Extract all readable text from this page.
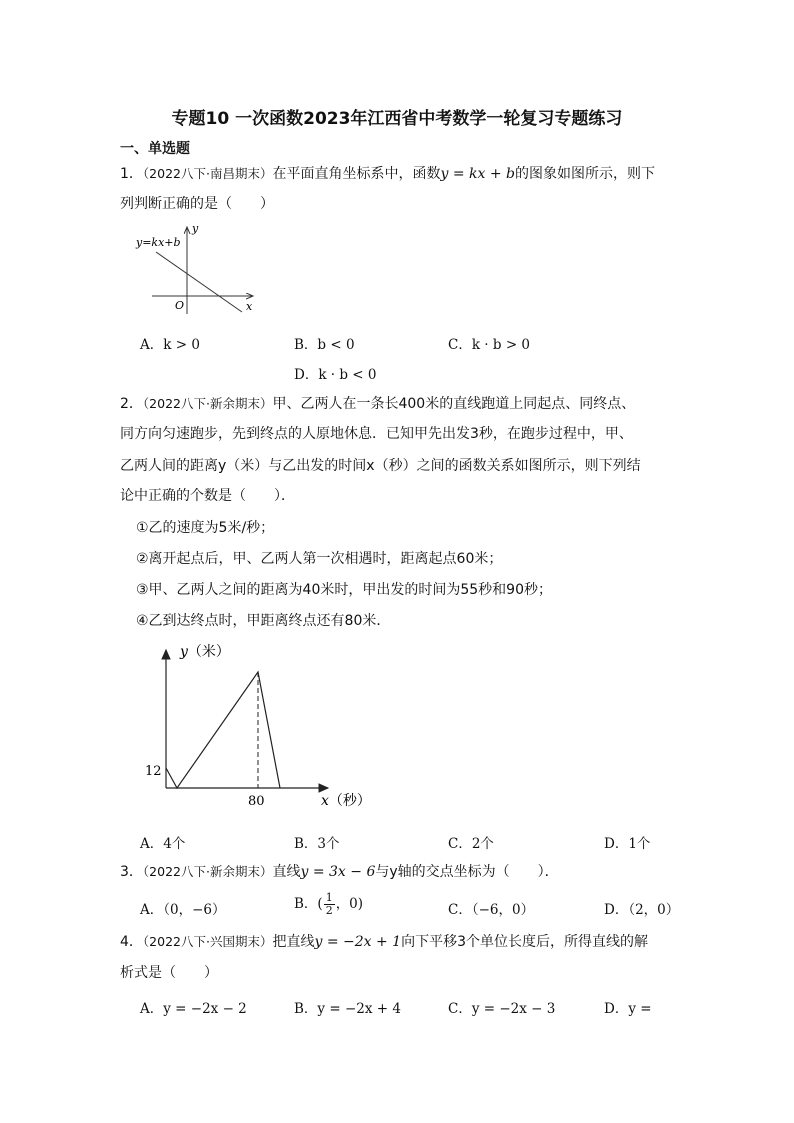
专题10 一次函数2023年江西省中考数学一轮复习专题练习
一、单选题
1．（2022八下·南昌期末）在平面直角坐标系中，函数y = kx + b的图象如图所示，则下
列判断正确的是（　　）
y=kx+b
y
x
O
A．k > 0	B．b < 0	C．k · b > 0
D．k · b < 0
2．（2022八下·新余期末）甲、乙两人在一条长400米的直线跑道上同起点、同终点、
同方向匀速跑步，先到终点的人原地休息．已知甲先出发3秒，在跑步过程中，甲、
乙两人间的距离y（米）与乙出发的时间x（秒）之间的函数关系如图所示，则下列结
论中正确的个数是（　　）．
①乙的速度为5米/秒；
②离开起点后，甲、乙两人第一次相遇时，距离起点60米；
③甲、乙两人之间的距离为40米时，甲出发的时间为55秒和90秒；
④乙到达终点时，甲距离终点还有80米．
y（米）
x（秒）
12
80
A．4个	B．3个	C．2个	D．1个
3．（2022八下·新余期末）直线y = 3x − 6与y轴的交点坐标为（　　）．
A．（0，−6）	B．( $\frac{1}{2}$ ，0)	C．（−6，0）	D．（2，0）
4．（2022八下·兴国期末）把直线y = −2x + 1向下平移3个单位长度后，所得直线的解
析式是（　　）
A．y = −2x − 2	B．y = −2x + 4	C．y = −2x − 3	D．y =
